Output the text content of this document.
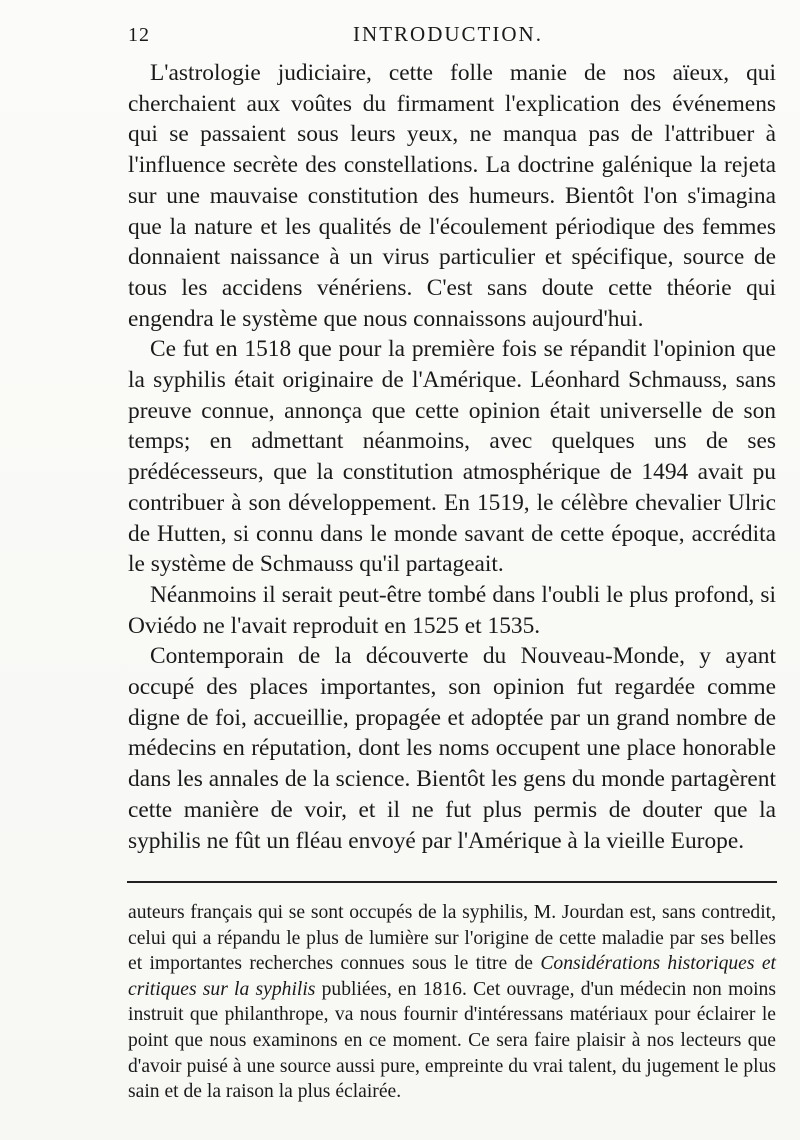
12	INTRODUCTION.

L'astrologie judiciaire, cette folle manie de nos aïeux, qui cherchaient aux voûtes du firmament l'explication des événemens qui se passaient sous leurs yeux, ne manqua pas de l'attribuer à l'influence secrète des constellations. La doctrine galénique la rejeta sur une mauvaise constitution des humeurs. Bientôt l'on s'imagina que la nature et les qualités de l'écoulement périodique des femmes donnaient naissance à un virus particulier et spécifique, source de tous les accidens vénériens. C'est sans doute cette théorie qui engendra le système que nous connaissons aujourd'hui.

Ce fut en 1518 que pour la première fois se répandit l'opinion que la syphilis était originaire de l'Amérique. Léonhard Schmauss, sans preuve connue, annonça que cette opinion était universelle de son temps; en admettant néanmoins, avec quelques uns de ses prédécesseurs, que la constitution atmosphérique de 1494 avait pu contribuer à son développement. En 1519, le célèbre chevalier Ulric de Hutten, si connu dans le monde savant de cette époque, accrédita le système de Schmauss qu'il partageait.

Néanmoins il serait peut-être tombé dans l'oubli le plus profond, si Oviédo ne l'avait reproduit en 1525 et 1535.

Contemporain de la découverte du Nouveau-Monde, y ayant occupé des places importantes, son opinion fut regardée comme digne de foi, accueillie, propagée et adoptée par un grand nombre de médecins en réputation, dont les noms occupent une place honorable dans les annales de la science. Bientôt les gens du monde partagèrent cette manière de voir, et il ne fut plus permis de douter que la syphilis ne fût un fléau envoyé par l'Amérique à la vieille Europe.

auteurs français qui se sont occupés de la syphilis, M. Jourdan est, sans contredit, celui qui a répandu le plus de lumière sur l'origine de cette maladie par ses belles et importantes recherches connues sous le titre de Considérations historiques et critiques sur la syphilis publiées, en 1816. Cet ouvrage, d'un médecin non moins instruit que philanthrope, va nous fournir d'intéressans matériaux pour éclairer le point que nous examinons en ce moment. Ce sera faire plaisir à nos lecteurs que d'avoir puisé à une source aussi pure, empreinte du vrai talent, du jugement le plus sain et de la raison la plus éclairée.
